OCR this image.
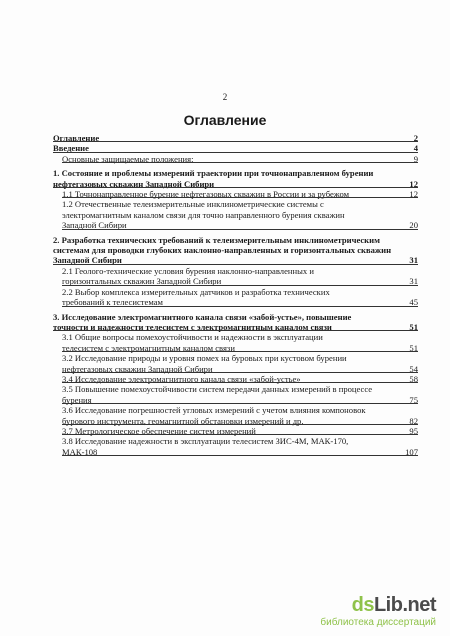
2
Оглавление
Оглавление	2
Введение	4
Основные защищаемые положения:	9
1. Состояние и проблемы измерений траектории при точнонаправленном бурении
нефтегазовых скважин Западной Сибири	12
1.1 Точнонаправленное бурение нефтегазовых скважин в России и за рубежом	12
1.2 Отечественные телеизмерительные инклинометрические системы с
электромагнитным каналом связи для точно направленного бурения скважин
Западной Сибири	20
2. Разработка технических требований к телеизмерительным инклинометрическим
системам для проводки глубоких наклонно-направленных и горизонтальных скважин
Западной Сибири	31
2.1 Геолого-технические условия бурения наклонно-направленных и
горизонтальных скважин Западной Сибири	31
2.2 Выбор комплекса измерительных датчиков и разработка технических
требований к телесистемам	45
3. Исследование электромагнитного канала связи «забой-устье», повышение
точности и надежности телесистем с электромагнитным каналом связи	51
3.1 Общие вопросы помехоустойчивости и надежности в эксплуатации
телесистем с электромагнитным каналом связи	51
3.2 Исследование природы и уровня помех на буровых при кустовом бурении
нефтегазовых скважин Западной Сибири	54
3.4 Исследование электромагнитного канала связи «забой-устье»	58
3.5 Повышение помехоустойчивости систем передачи данных измерений в процессе
бурения	75
3.6 Исследование погрешностей угловых измерений с учетом влияния компоновок
бурового инструмента, геомагнитной обстановки измерений и др.	82
3.7 Метрологическое обеспечение систем измерений	95
3.8 Исследование надежности в эксплуатации телесистем ЗИС-4М, МАК-170,
МАК-108	107
dsLib.net
библиотека диссертаций
